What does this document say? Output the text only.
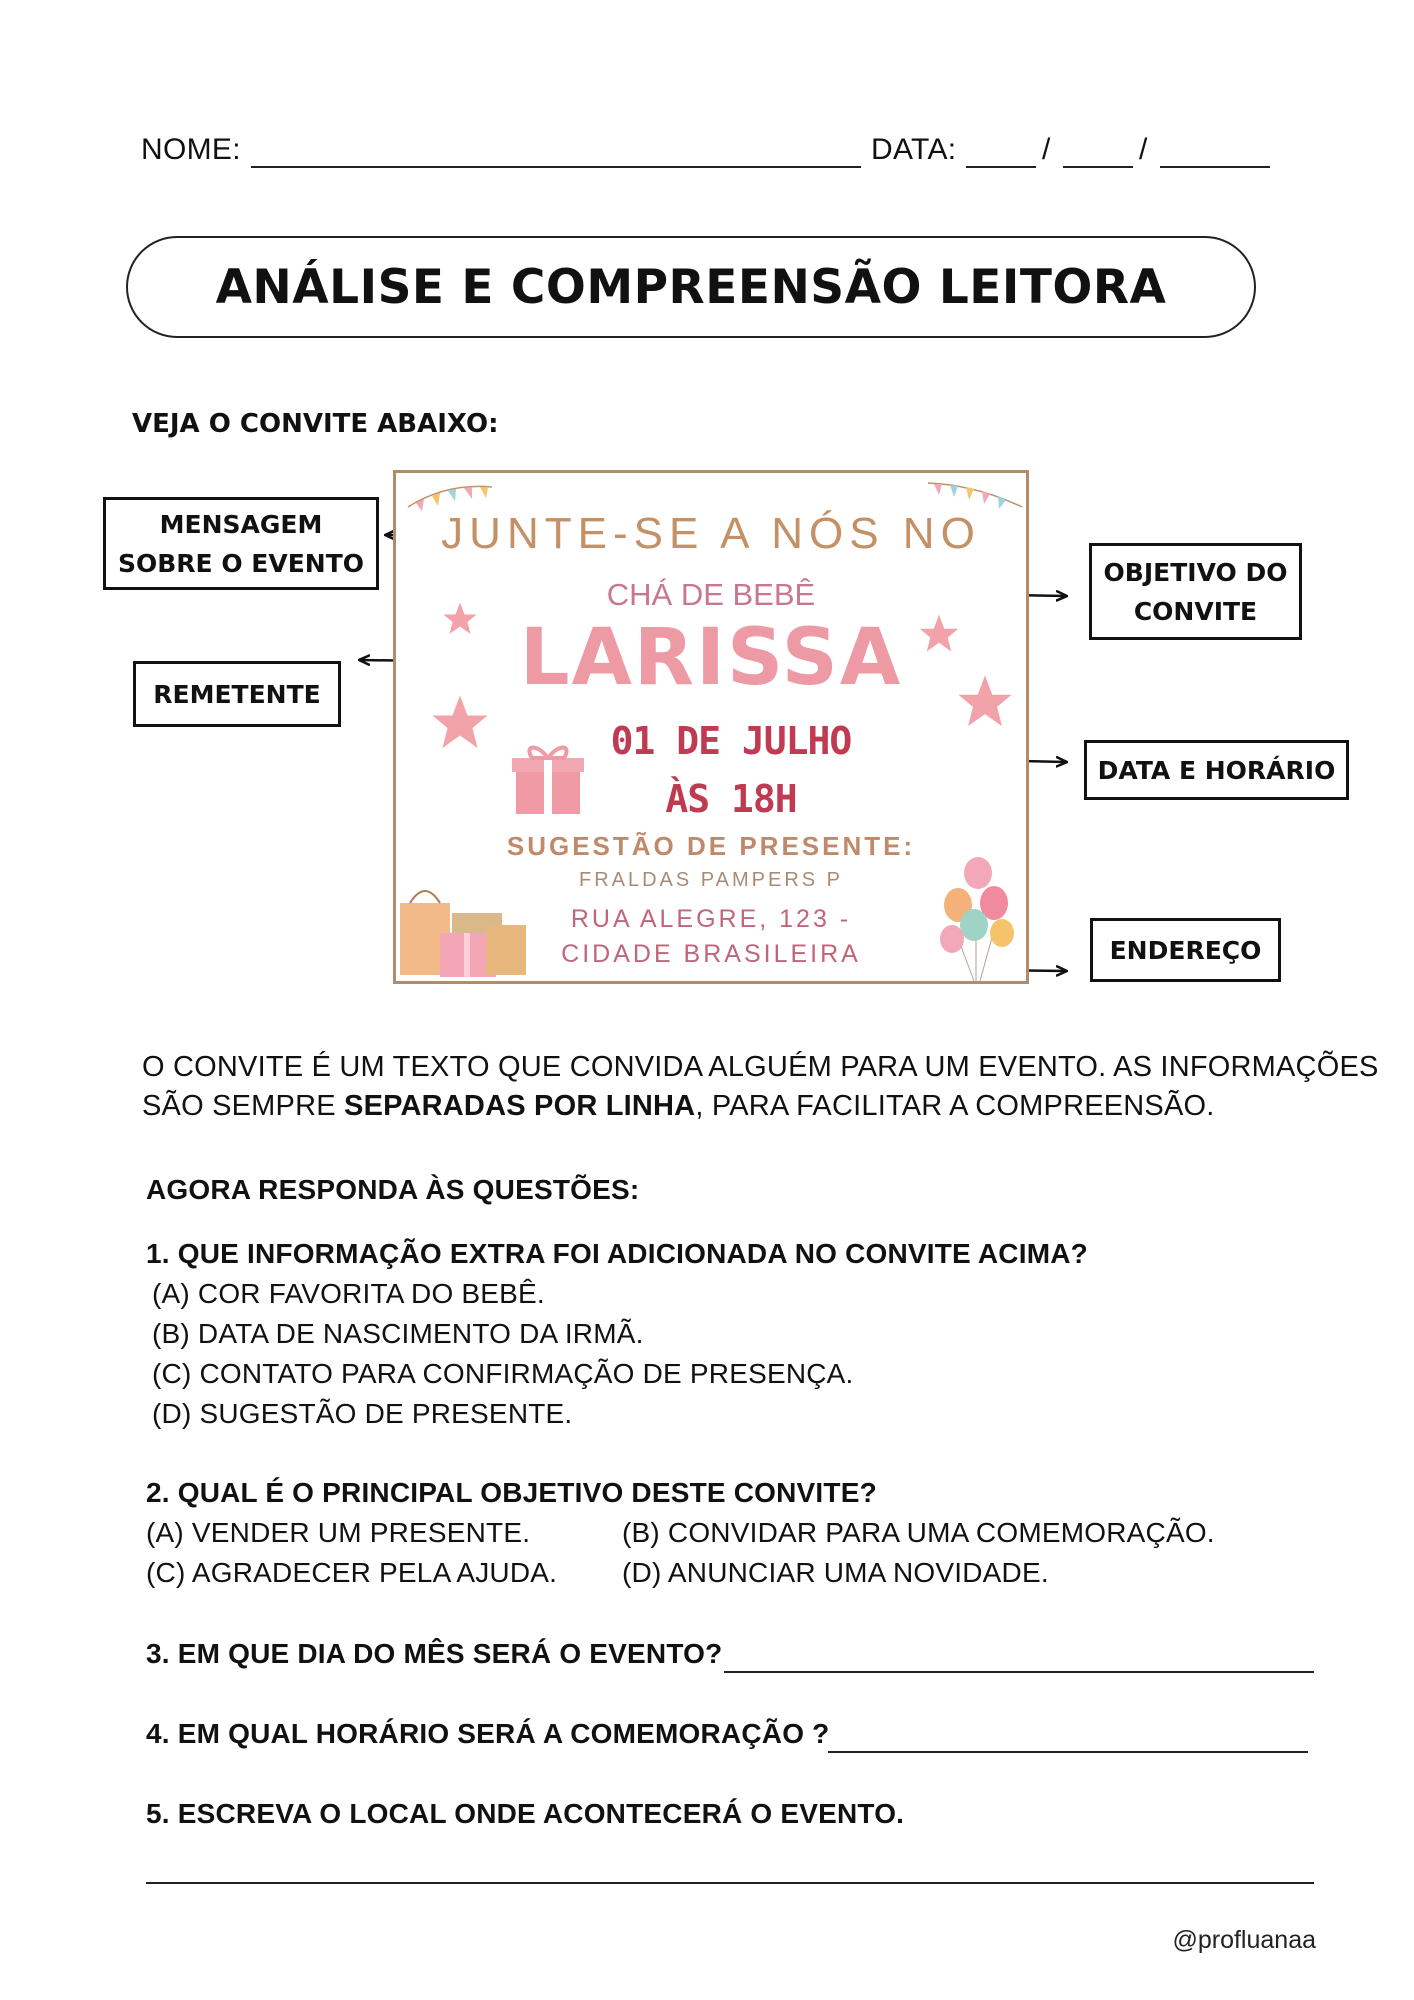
NOME:	DATA:	/	/
ANÁLISE E COMPREENSÃO LEITORA
VEJA O CONVITE ABAIXO:
MENSAGEM
SOBRE O EVENTO
REMETENTE
OBJETIVO DO
CONVITE
DATA E HORÁRIO
ENDEREÇO
JUNTE-SE A NÓS NO
CHÁ DE BEBÊ
LARISSA
01 DE JULHO
ÀS 18H
SUGESTÃO DE PRESENTE:
FRALDAS PAMPERS P
RUA ALEGRE, 123 -
CIDADE BRASILEIRA
O CONVITE É UM TEXTO QUE CONVIDA ALGUÉM PARA UM EVENTO. AS INFORMAÇÕES
SÃO SEMPRE SEPARADAS POR LINHA, PARA FACILITAR A COMPREENSÃO.
AGORA RESPONDA ÀS QUESTÕES:
1. QUE INFORMAÇÃO EXTRA FOI ADICIONADA NO CONVITE ACIMA?
(A) COR FAVORITA DO BEBÊ.
(B) DATA DE NASCIMENTO DA IRMÃ.
(C) CONTATO PARA CONFIRMAÇÃO DE PRESENÇA.
(D) SUGESTÃO DE PRESENTE.
2. QUAL É O PRINCIPAL OBJETIVO DESTE CONVITE?
(A) VENDER UM PRESENTE.	(B) CONVIDAR PARA UMA COMEMORAÇÃO.
(C) AGRADECER PELA AJUDA. (D) ANUNCIAR UMA NOVIDADE.
3. EM QUE DIA DO MÊS SERÁ O EVENTO?
4. EM QUAL HORÁRIO SERÁ A COMEMORAÇÃO ?
5. ESCREVA O LOCAL ONDE ACONTECERÁ O EVENTO.
@profluanaa
